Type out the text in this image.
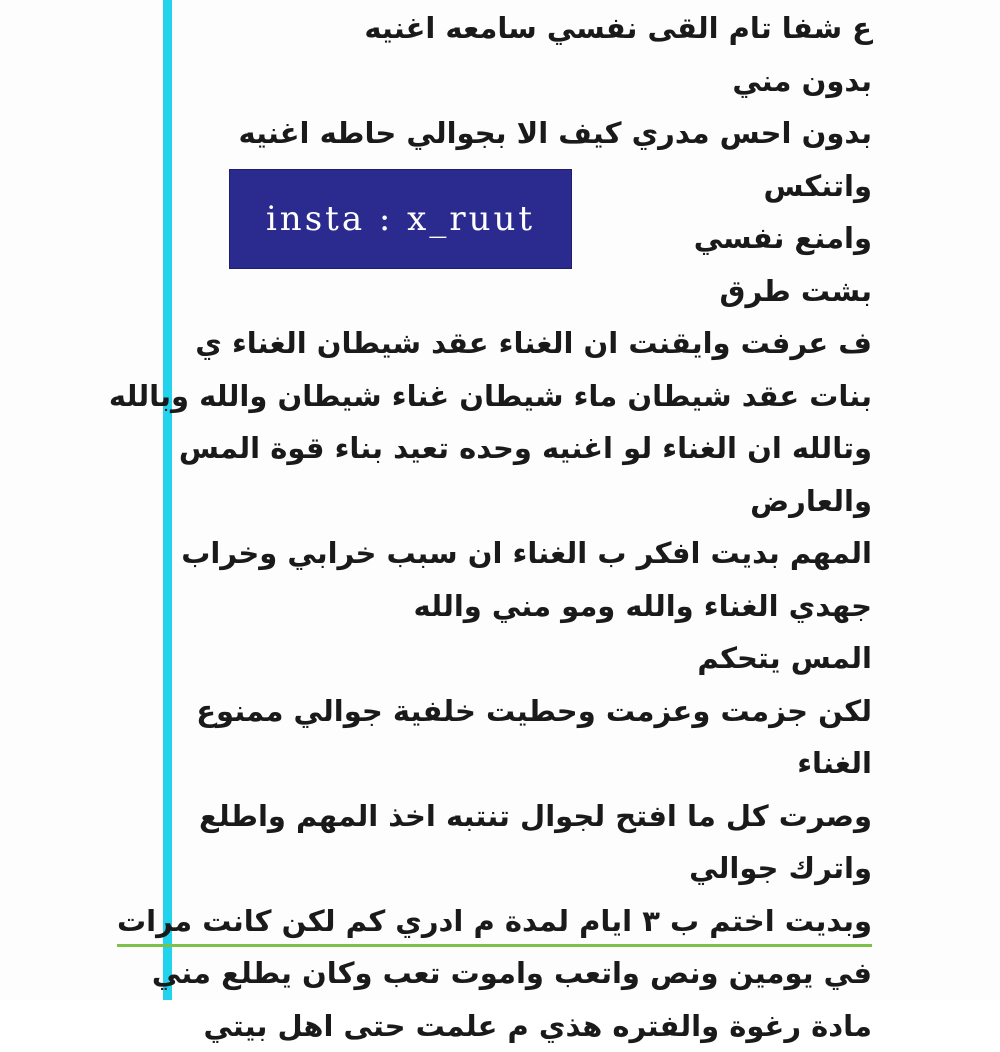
ع شفا تام القى نفسي سامعه اغنيه
بدون مني
بدون احس مدري كيف الا بجوالي حاطه اغنيه
واتنكس
وامنع نفسي
بشت طرق
ف عرفت وايقنت ان الغناء عقد شيطان الغناء ي
بنات عقد شيطان ماء شيطان غناء شيطان والله وبالله
وتالله ان الغناء لو اغنيه وحده تعيد بناء قوة المس
والعارض
المهم بديت افكر ب الغناء ان سبب خرابي وخراب
جهدي الغناء والله ومو مني والله
المس يتحكم
لكن جزمت وعزمت وحطيت خلفية جوالي ممنوع
الغناء
وصرت كل ما افتح لجوال تنتبه اخذ المهم واطلع
واترك جوالي
وبديت اختم ب ٣ ايام لمدة م ادري كم لكن كانت مرات
في يومين ونص واتعب واموت تعب وكان يطلع مني
مادة رغوة والفتره هذي م علمت حتى اهل بيتي
insta : x_ruut
